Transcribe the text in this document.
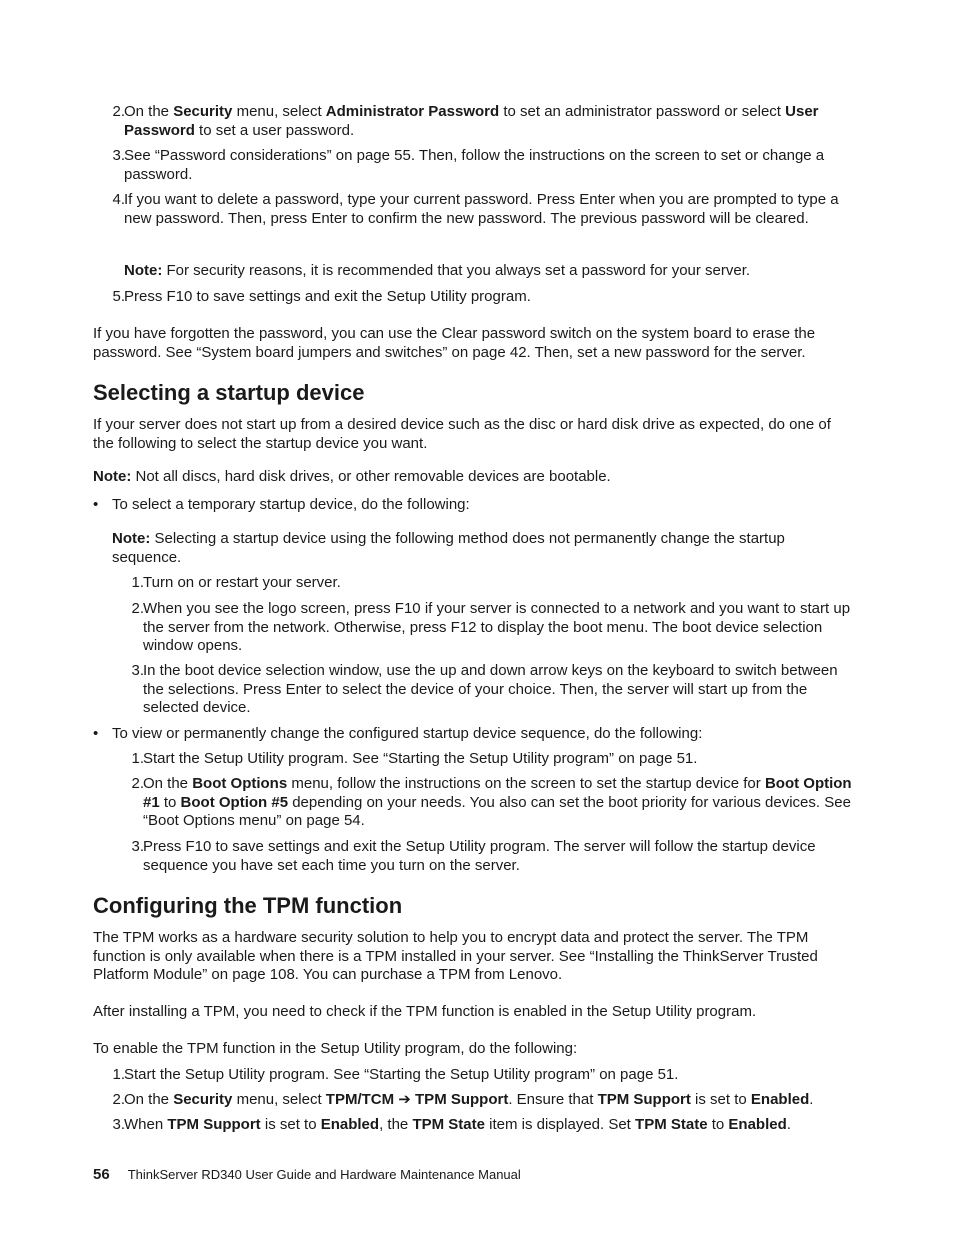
2. On the Security menu, select Administrator Password to set an administrator password or select User Password to set a user password.

3. See “Password considerations” on page 55. Then, follow the instructions on the screen to set or change a password.

4. If you want to delete a password, type your current password. Press Enter when you are prompted to type a new password. Then, press Enter to confirm the new password. The previous password will be cleared.

Note: For security reasons, it is recommended that you always set a password for your server.

5. Press F10 to save settings and exit the Setup Utility program.

If you have forgotten the password, you can use the Clear password switch on the system board to erase the password. See “System board jumpers and switches” on page 42. Then, set a new password for the server.

Selecting a startup device

If your server does not start up from a desired device such as the disc or hard disk drive as expected, do one of the following to select the startup device you want.

Note: Not all discs, hard disk drives, or other removable devices are bootable.

• To select a temporary startup device, do the following:

Note: Selecting a startup device using the following method does not permanently change the startup sequence.

1. Turn on or restart your server.

2. When you see the logo screen, press F10 if your server is connected to a network and you want to start up the server from the network. Otherwise, press F12 to display the boot menu. The boot device selection window opens.

3. In the boot device selection window, use the up and down arrow keys on the keyboard to switch between the selections. Press Enter to select the device of your choice. Then, the server will start up from the selected device.

• To view or permanently change the configured startup device sequence, do the following:

1. Start the Setup Utility program. See “Starting the Setup Utility program” on page 51.

2. On the Boot Options menu, follow the instructions on the screen to set the startup device for Boot Option #1 to Boot Option #5 depending on your needs. You also can set the boot priority for various devices. See “Boot Options menu” on page 54.

3. Press F10 to save settings and exit the Setup Utility program. The server will follow the startup device sequence you have set each time you turn on the server.

Configuring the TPM function

The TPM works as a hardware security solution to help you to encrypt data and protect the server. The TPM function is only available when there is a TPM installed in your server. See “Installing the ThinkServer Trusted Platform Module” on page 108. You can purchase a TPM from Lenovo.

After installing a TPM, you need to check if the TPM function is enabled in the Setup Utility program.

To enable the TPM function in the Setup Utility program, do the following:

1. Start the Setup Utility program. See “Starting the Setup Utility program” on page 51.

2. On the Security menu, select TPM/TCM ➔ TPM Support. Ensure that TPM Support is set to Enabled.

3. When TPM Support is set to Enabled, the TPM State item is displayed. Set TPM State to Enabled.

56 ThinkServer RD340 User Guide and Hardware Maintenance Manual
